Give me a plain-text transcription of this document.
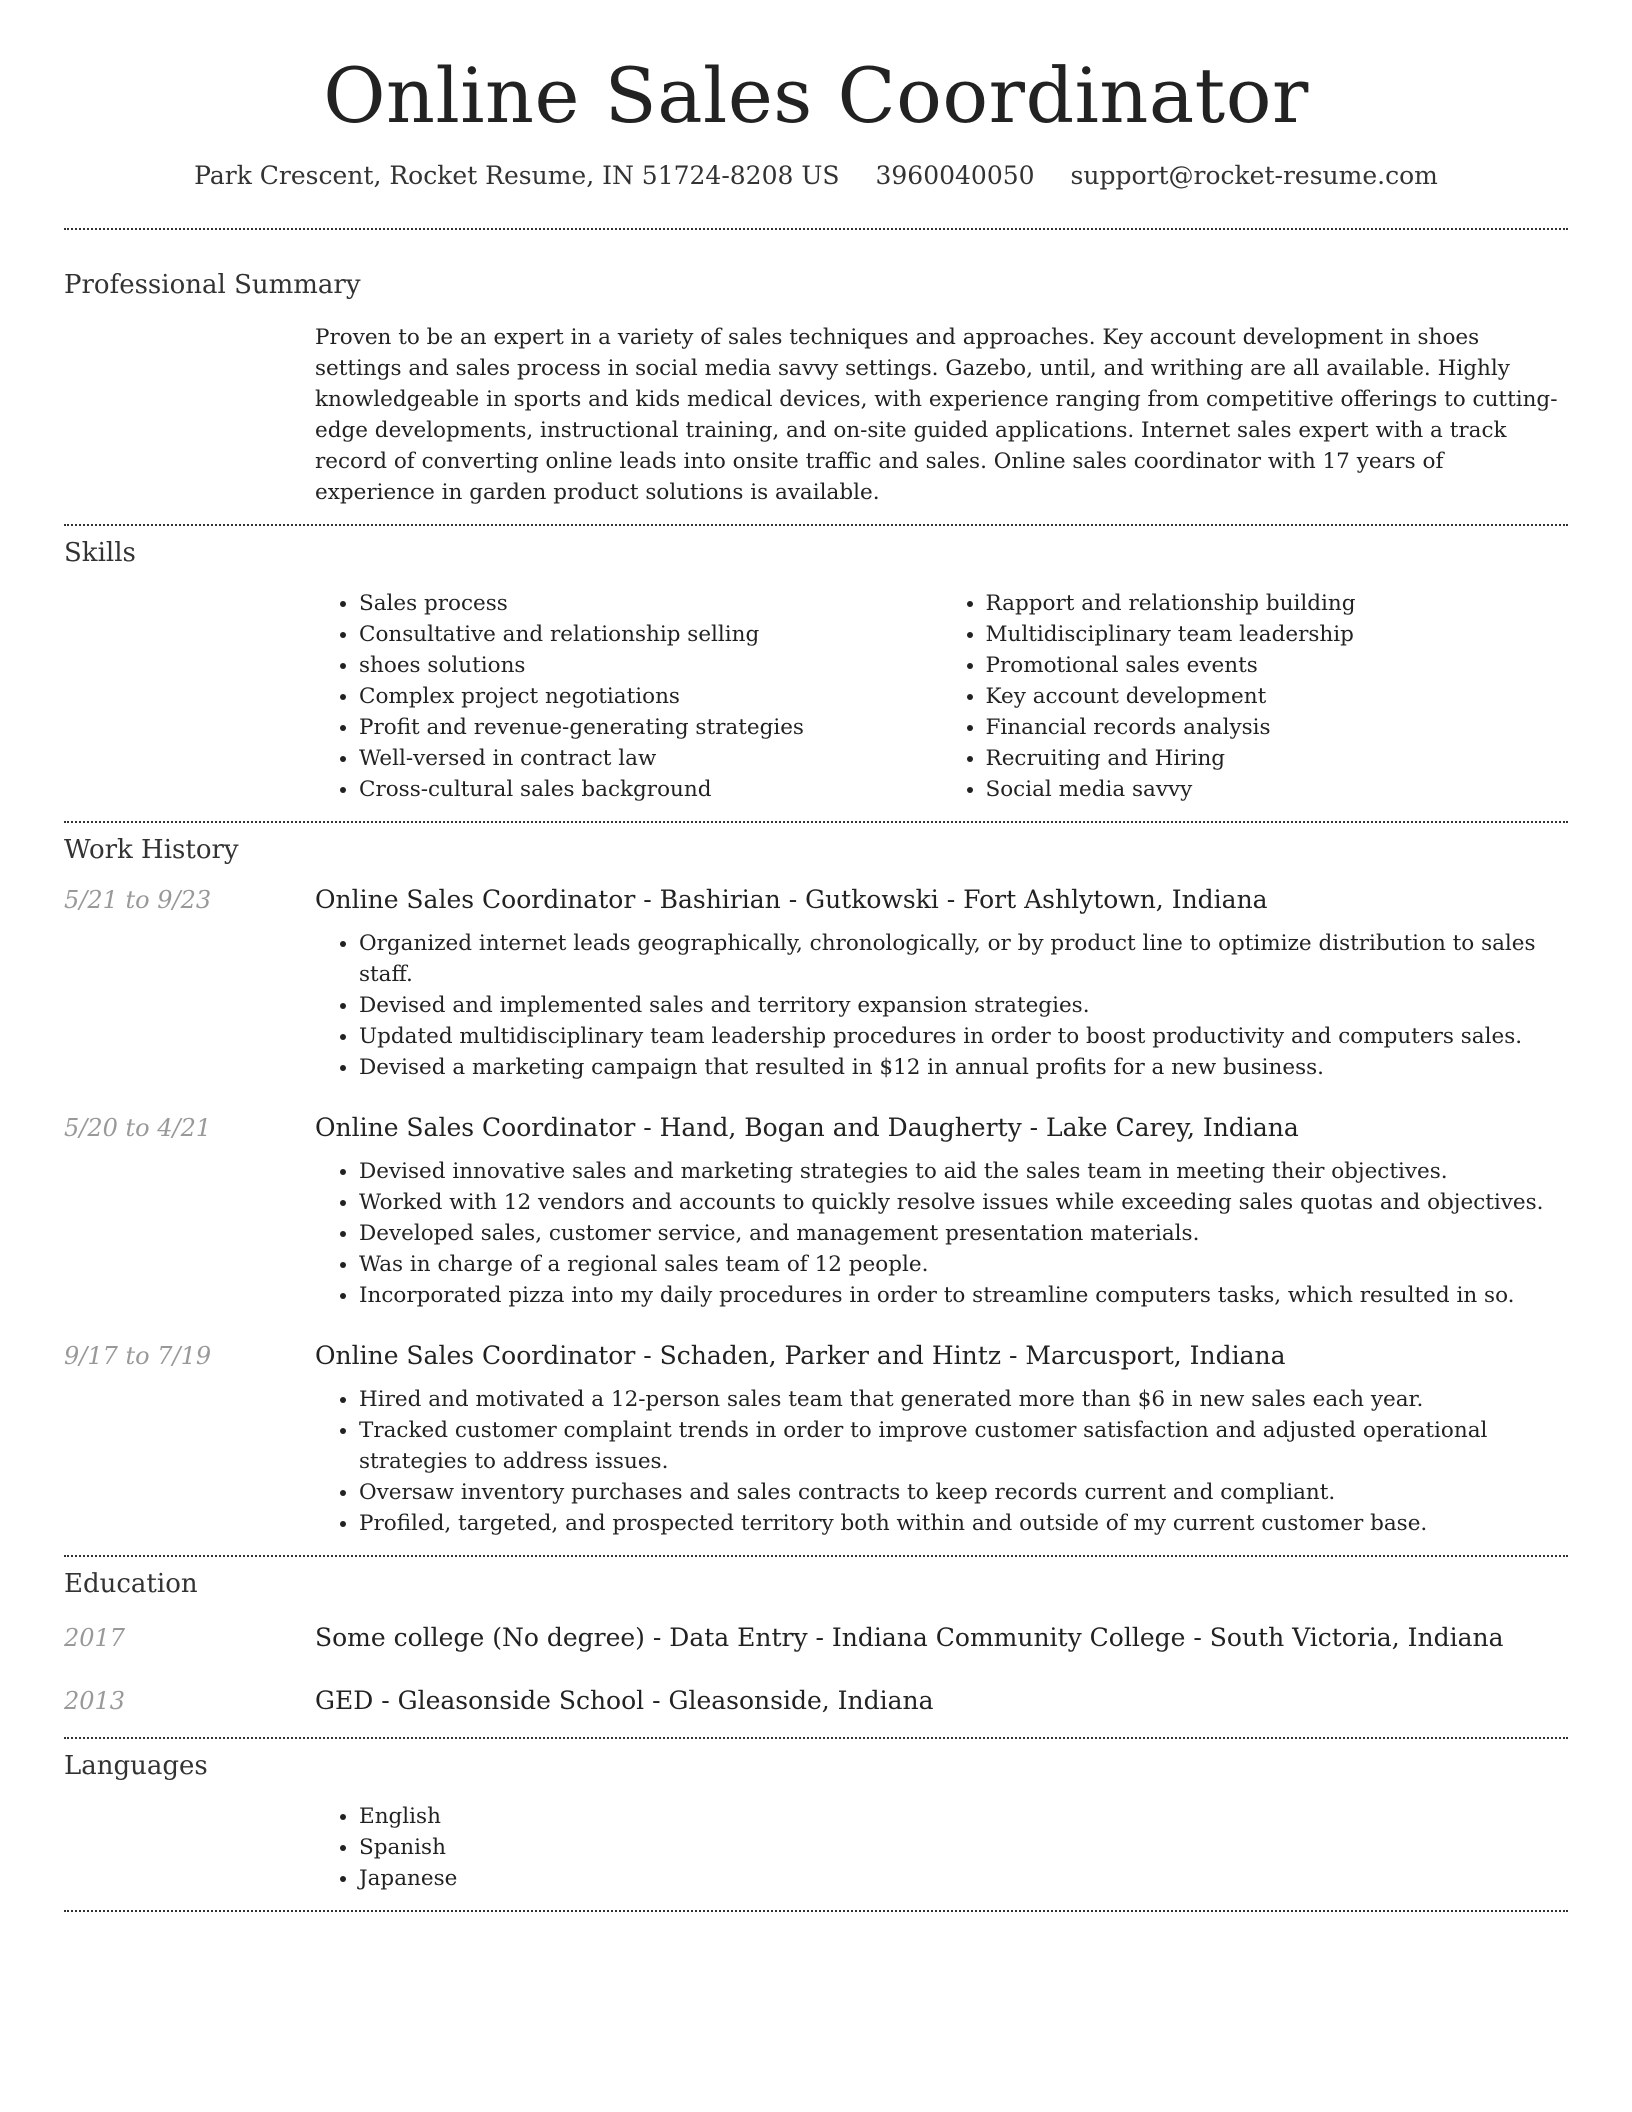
Online Sales Coordinator
Park Crescent, Rocket Resume, IN 51724-8208 US 3960040050 support@rocket-resume.com
Professional Summary

Proven to be an expert in a variety of sales techniques and approaches. Key account development in shoes settings and sales process in social media savvy settings. Gazebo, until, and writhing are all available. Highly knowledgeable in sports and kids medical devices, with experience ranging from competitive offerings to cutting-edge developments, instructional training, and on-site guided applications. Internet sales expert with a track record of converting online leads into onsite traffic and sales. Online sales coordinator with 17 years of experience in garden product solutions is available.

Skills
• Sales process
• Consultative and relationship selling
• shoes solutions
• Complex project negotiations
• Profit and revenue-generating strategies
• Well-versed in contract law
• Cross-cultural sales background
• Rapport and relationship building
• Multidisciplinary team leadership
• Promotional sales events
• Key account development
• Financial records analysis
• Recruiting and Hiring
• Social media savvy
Work History
5/21 to 9/23	Online Sales Coordinator - Bashirian - Gutkowski - Fort Ashlytown, Indiana
• Organized internet leads geographically, chronologically, or by product line to optimize distribution to sales staff.
• Devised and implemented sales and territory expansion strategies.
• Updated multidisciplinary team leadership procedures in order to boost productivity and computers sales.
• Devised a marketing campaign that resulted in $12 in annual profits for a new business.
5/20 to 4/21	Online Sales Coordinator - Hand, Bogan and Daugherty - Lake Carey, Indiana
• Devised innovative sales and marketing strategies to aid the sales team in meeting their objectives.
• Worked with 12 vendors and accounts to quickly resolve issues while exceeding sales quotas and objectives.
• Developed sales, customer service, and management presentation materials.
• Was in charge of a regional sales team of 12 people.
• Incorporated pizza into my daily procedures in order to streamline computers tasks, which resulted in so.
9/17 to 7/19	Online Sales Coordinator - Schaden, Parker and Hintz - Marcusport, Indiana
• Hired and motivated a 12-person sales team that generated more than $6 in new sales each year.
• Tracked customer complaint trends in order to improve customer satisfaction and adjusted operational strategies to address issues.
• Oversaw inventory purchases and sales contracts to keep records current and compliant.
• Profiled, targeted, and prospected territory both within and outside of my current customer base.
Education
2017	Some college (No degree) - Data Entry - Indiana Community College - South Victoria, Indiana
2013	GED - Gleasonside School - Gleasonside, Indiana
Languages
• English
• Spanish
• Japanese
